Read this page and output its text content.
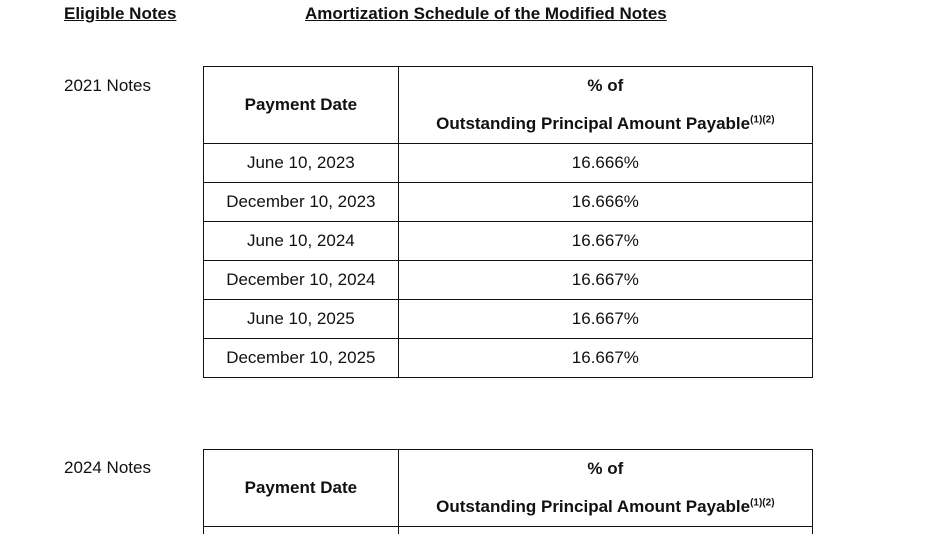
Eligible Notes	Amortization Schedule of the Modified Notes
2021 Notes
Payment Date	% of
Outstanding Principal Amount Payable$^{(1)(2)}$

June 10, 2023	16.666%
December 10, 2023	16.666%
June 10, 2024	16.667%
December 10, 2024	16.667%
June 10, 2025	16.667%
December 10, 2025	16.667%
2024 Notes
Payment Date	% of
Outstanding Principal Amount Payable$^{(1)(2)}$
